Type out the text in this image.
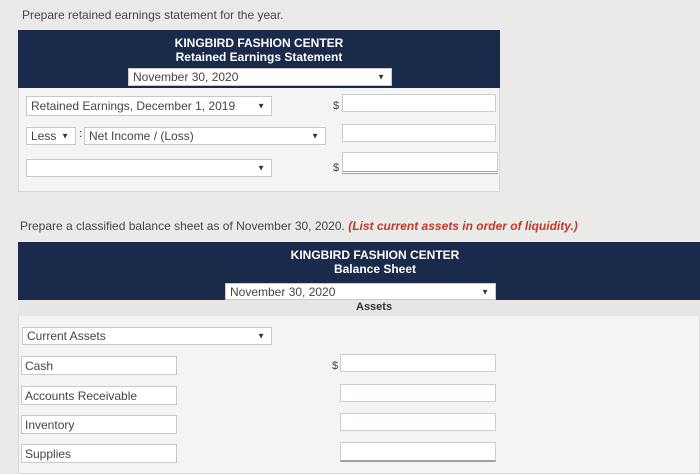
Prepare retained earnings statement for the year.
KINGBIRD FASHION CENTER
Retained Earnings Statement
November 30, 2020	▼
Retained Earnings, December 1, 2019	▼	$
Less ▼ : Net Income / (Loss)	▼
▼	$
Prepare a classified balance sheet as of November 30, 2020. (List current assets in order of liquidity.)
KINGBIRD FASHION CENTER
Balance Sheet
November 30, 2020	▼
Assets
Current Assets	▼
Cash	$
Accounts Receivable
Inventory
Supplies
